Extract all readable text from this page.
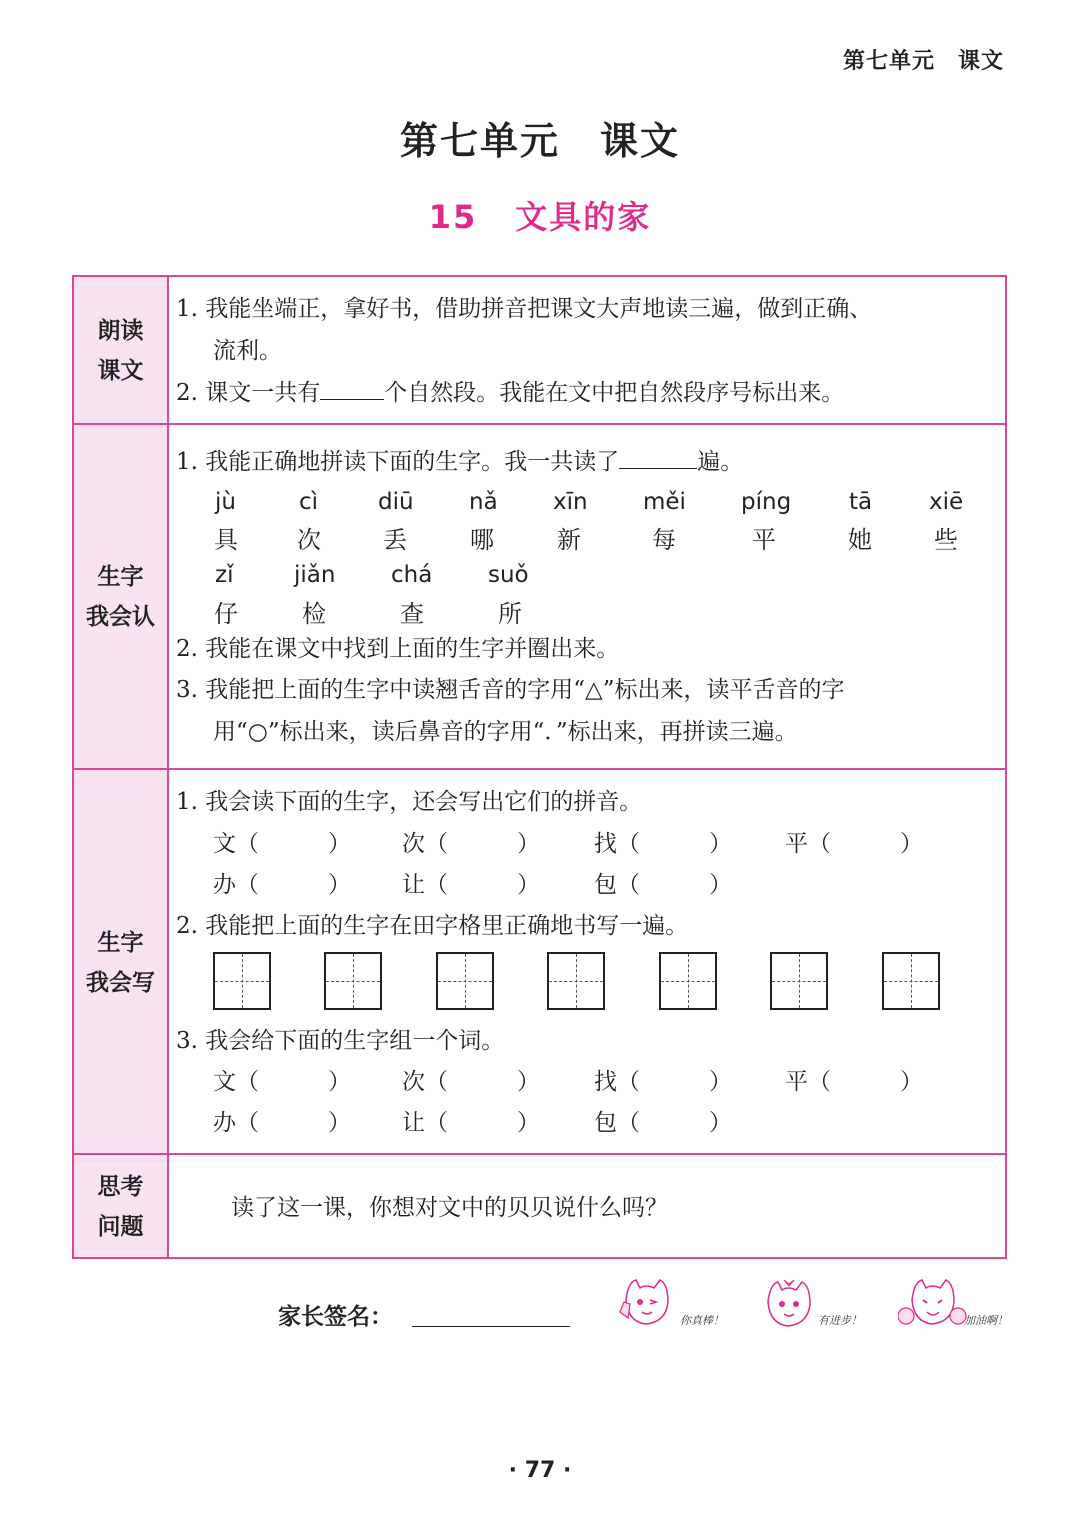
第七单元　课文
第七单元　课文
15 文具的家
朗读
课文
1. 我能坐端正，拿好书，借助拼音把课文大声地读三遍，做到正确、
流利。
2. 课文一共有	个自然段。我能在文中把自然段序号标出来。
生字
我会认
1. 我能正确地拼读下面的生字。我一共读了	遍。
jù	cì	diū nǎ xīn měi píng	tā xiē
具 次	丢	哪	新	每	平	她	些
zǐ	jiǎn chá suǒ
仔	检	查	所
2. 我能在课文中找到上面的生字并圈出来。
3. 我能把上面的生字中读翘舌音的字用“△”标出来，读平舌音的字
用“○”标出来，读后鼻音的字用“．”标出来，再拼读三遍。
生字
我会写
1. 我会读下面的生字，还会写出它们的拼音。
文（　　　） 次（　　　） 找（　　　） 平（　　　）
办（　　　） 让（　　　） 包（　　　）
2. 我能把上面的生字在田字格里正确地书写一遍。
3. 我会给下面的生字组一个词。
文（　　　） 次（　　　） 找（　　　） 平（　　　）
办（　　　） 让（　　　） 包（　　　）
思考
问题
读了这一课，你想对文中的贝贝说什么吗？
家长签名：	你真棒！	有进步！	加油啊！
· 77 ·
